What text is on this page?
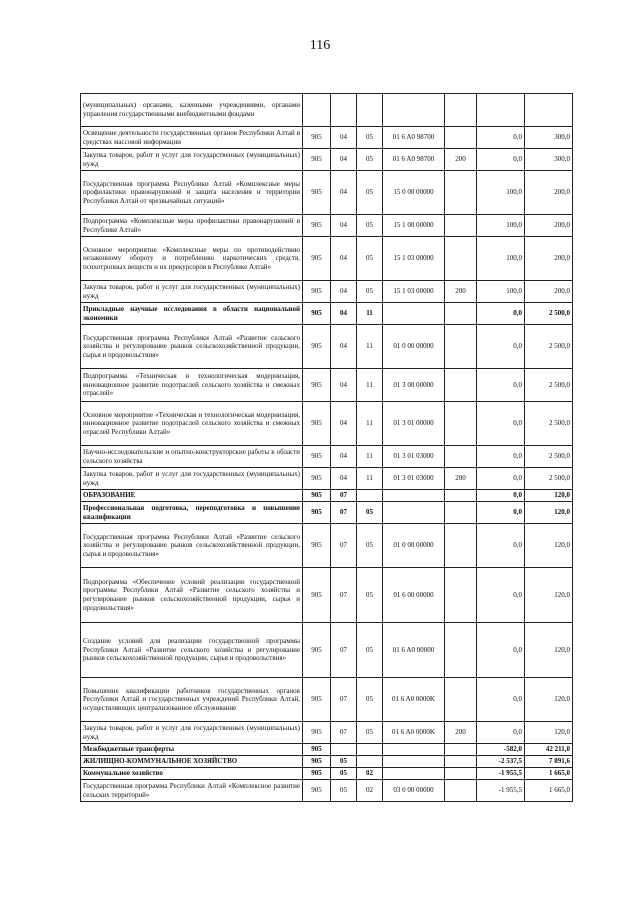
116
(муниципальных) органами, казенными учреждениями, органами управления государственными внебюджетными фондами							
Освещение деятельности государственных органов Республики Алтай в средствах массовой информации	905	04	05	01 6 A0 98700		0,0	300,0
Закупка товаров, работ и услуг для государственных (муниципальных) нужд	905	04	05	01 6 A0 98700	200	0,0	300,0
Государственная программа Республики Алтай «Комплексные меры профилактики правонарушений и защита населения и территории Республики Алтай от чрезвычайных ситуаций»	905	04	05	15 0 00 00000		100,0	200,0
Подпрограмма «Комплексные меры профилактики правонарушений в Республике Алтай»	905	04	05	15 1 00 00000		100,0	200,0
Основное мероприятие «Комплексные меры по противодействию незаконному обороту и потреблению наркотических средств, психотропных веществ и их прекурсоров в Республике Алтай»	905	04	05	15 1 03 00000		100,0	200,0
Закупка товаров, работ и услуг для государственных (муниципальных) нужд	905	04	05	15 1 03 00000	200	100,0	200,0
Прикладные научные исследования в области национальной экономики	905	04	11			0,0	2 500,0
Государственная программа Республики Алтай «Развитие сельского хозяйства и регулирование рынков сельскохозяйственной продукции, сырья и продовольствия»	905	04	11	01 0 00 00000		0,0	2 500,0
Подпрограмма «Техническая и технологическая модернизация, инновационное развитие подотраслей сельского хозяйства и смежных отраслей»	905	04	11	01 3 00 00000		0,0	2 500,0
Основное мероприятие «Техническая и технологическая модернизация, инновационное развитие подотраслей сельского хозяйства и смежных отраслей Республики Алтай»	905	04	11	01 3 01 00000		0,0	2 500,0
Научно-исследовательские и опытно-конструкторские работы в области сельского хозяйства	905	04	11	01 3 01 03000		0,0	2 500,0
Закупка товаров, работ и услуг для государственных (муниципальных) нужд	905	04	11	01 3 01 03000	200	0,0	2 500,0
ОБРАЗОВАНИЕ	905	07				0,0	120,0
Профессиональная подготовка, переподготовка и повышение квалификации	905	07	05			0,0	120,0
Государственная программа Республики Алтай «Развитие сельского хозяйства и регулирование рынков сельскохозяйственной продукции, сырья и продовольствия»	905	07	05	01 0 00 00000		0,0	120,0
Подпрограмма «Обеспечение условий реализации государственной программы Республики Алтай «Развитие сельского хозяйства и регулирование рынков сельскохозяйственной продукции, сырья и продовольствия»	905	07	05	01 6 00 00000		0,0	120,0
Создание условий для реализации государственной программы Республики Алтай «Развитие сельского хозяйства и регулирование рынков сельскохозяйственной продукции, сырья и продовольствия»	905	07	05	01 6 A0 00000		0,0	120,0
Повышение квалификации работников государственных органов Республики Алтай и государственных учреждений Республики Алтай, осуществляющих централизованное обслуживание	905	07	05	01 6 A0 0000K		0,0	120,0
Закупка товаров, работ и услуг для государственных (муниципальных) нужд	905	07	05	01 6 A0 0000K	200	0,0	120,0
Межбюджетные трансферты	905					-582,0	42 211,0
ЖИЛИЩНО-КОММУНАЛЬНОЕ ХОЗЯЙСТВО	905	05				-2 537,5	7 891,6
Коммунальное хозяйство	905	05	02			-1 955,5	1 665,0
Государственная программа Республики Алтай «Комплексное развитие сельских территорий»	905	05	02	03 0 00 00000		-1 955,5	1 665,0
